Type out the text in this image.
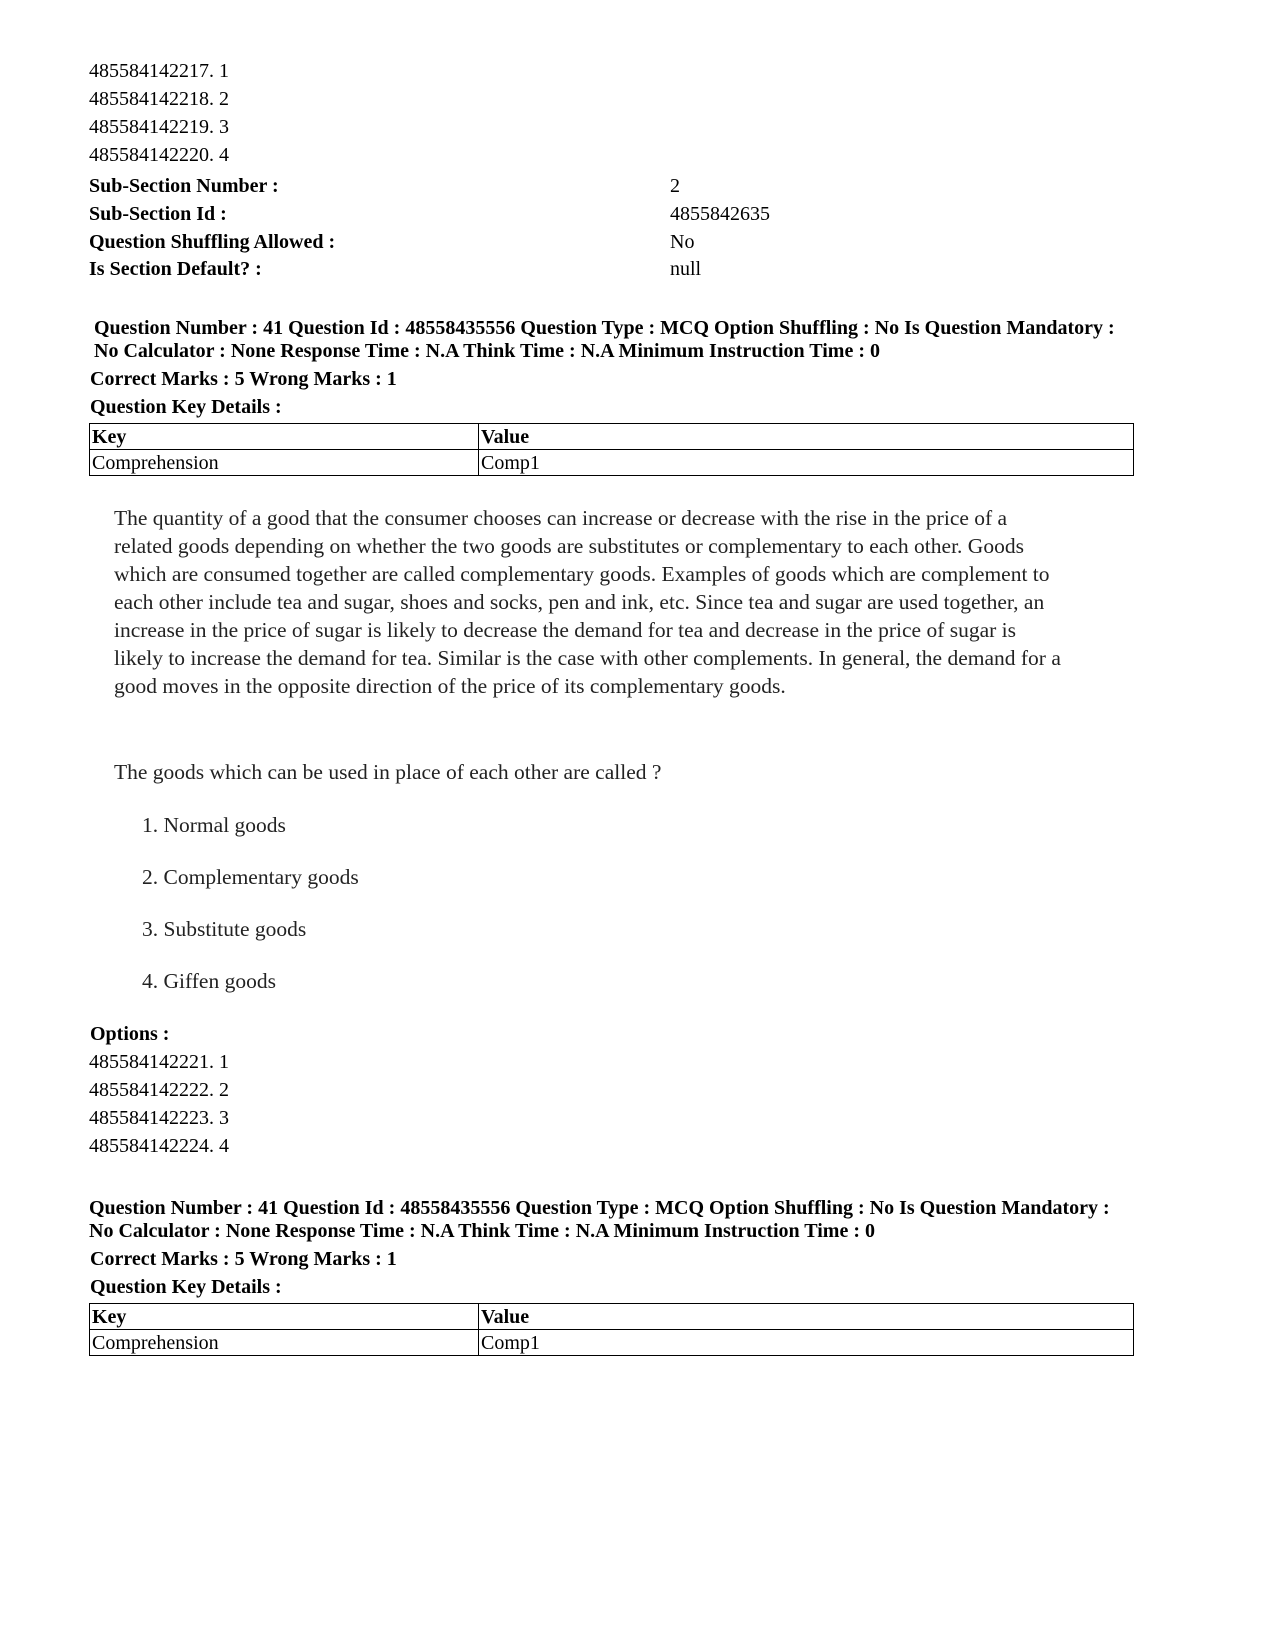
485584142217. 1
485584142218. 2
485584142219. 3
485584142220. 4
Sub-Section Number :	2
Sub-Section Id :	4855842635
Question Shuffling Allowed :	No
Is Section Default? :	null
Question Number : 41 Question Id : 48558435556 Question Type : MCQ Option Shuffling : No Is Question Mandatory :
No Calculator : None Response Time : N.A Think Time : N.A Minimum Instruction Time : 0
Correct Marks : 5 Wrong Marks : 1
Question Key Details :
Key	Value
Comprehension	Comp1
The quantity of a good that the consumer chooses can increase or decrease with the rise in the price of a
related goods depending on whether the two goods are substitutes or complementary to each other. Goods
which are consumed together are called complementary goods. Examples of goods which are complement to
each other include tea and sugar, shoes and socks, pen and ink, etc. Since tea and sugar are used together, an
increase in the price of sugar is likely to decrease the demand for tea and decrease in the price of sugar is
likely to increase the demand for tea. Similar is the case with other complements. In general, the demand for a
good moves in the opposite direction of the price of its complementary goods.
The goods which can be used in place of each other are called ?
1. Normal goods
2. Complementary goods
3. Substitute goods
4. Giffen goods
Options :
485584142221. 1
485584142222. 2
485584142223. 3
485584142224. 4
Question Number : 41 Question Id : 48558435556 Question Type : MCQ Option Shuffling : No Is Question Mandatory :
No Calculator : None Response Time : N.A Think Time : N.A Minimum Instruction Time : 0
Correct Marks : 5 Wrong Marks : 1
Question Key Details :
Key	Value
Comprehension	Comp1
